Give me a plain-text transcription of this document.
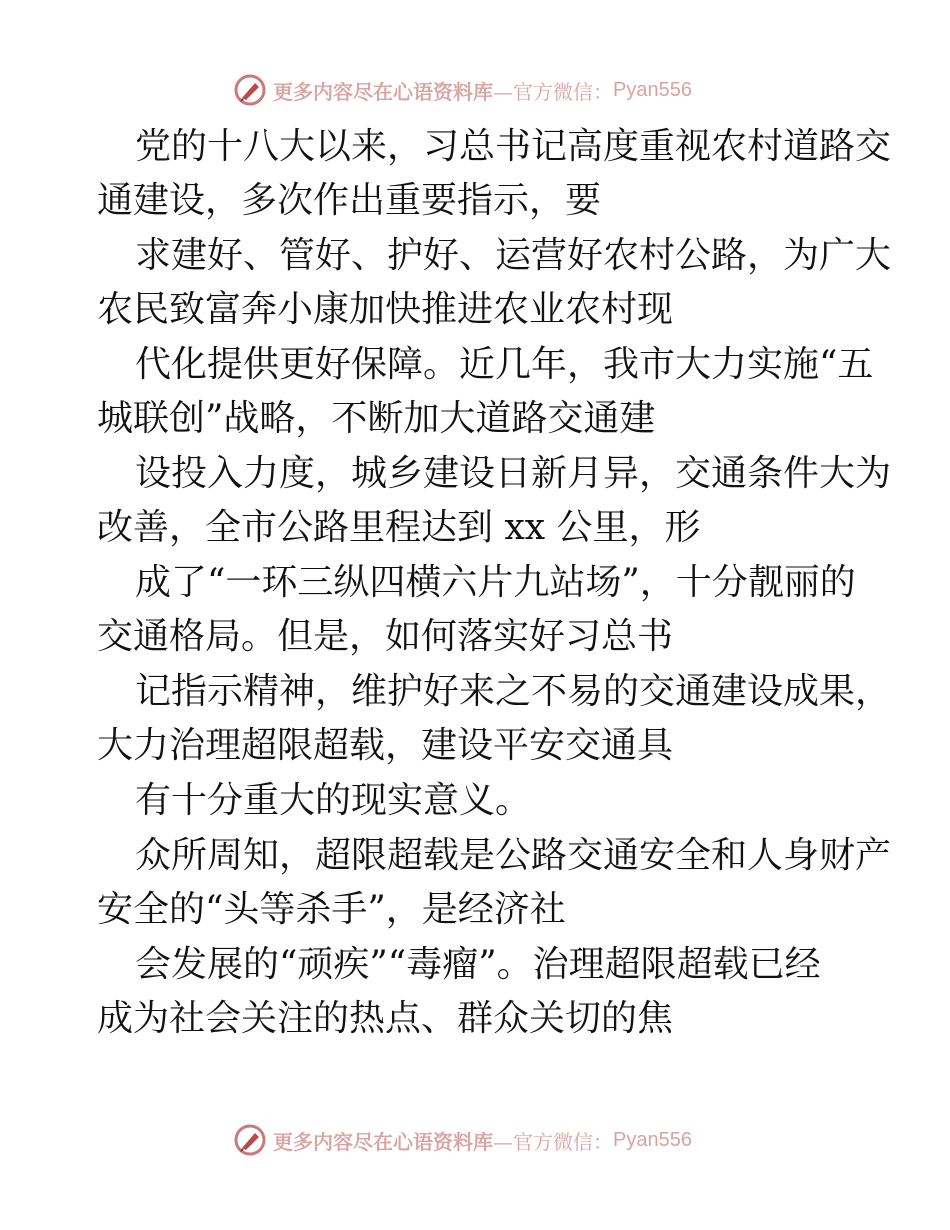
更多内容尽在心语资料库 —官方微信： Pyan556
党的十八大以来，习总书记高度重视农村道路交
通建设，多次作出重要指示，要
求建好、管好、护好、运营好农村公路，为广大
农民致富奔小康加快推进农业农村现
代化提供更好保障。近几年，我市大力实施“五
城联创”战略，不断加大道路交通建
设投入力度，城乡建设日新月异，交通条件大为
改善，全市公路里程达到 xx 公里，形
成了“一环三纵四横六片九站场”，十分靓丽的
交通格局。但是，如何落实好习总书
记指示精神，维护好来之不易的交通建设成果，
大力治理超限超载，建设平安交通具
有十分重大的现实意义。
众所周知，超限超载是公路交通安全和人身财产
安全的“头等杀手”，是经济社
会发展的“顽疾”“毒瘤”。治理超限超载已经
成为社会关注的热点、群众关切的焦
更多内容尽在心语资料库 —官方微信： Pyan556
